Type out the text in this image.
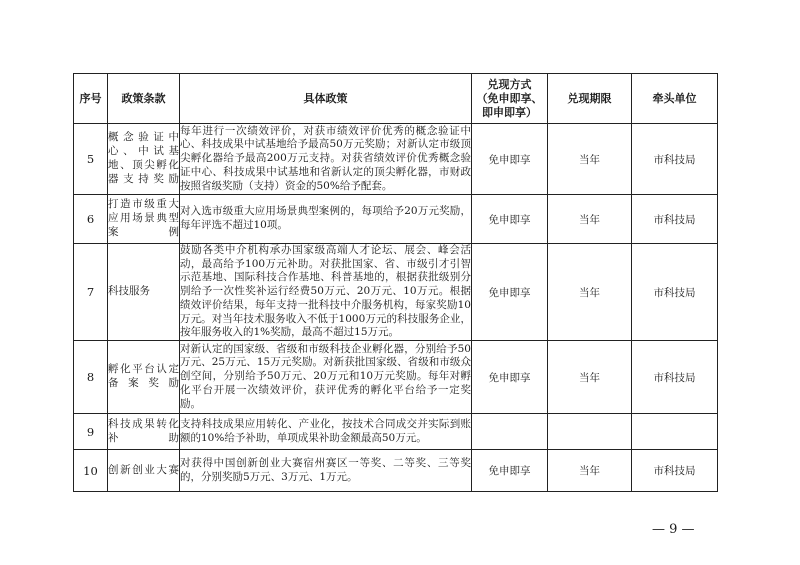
序号	政策条款	具体政策	兑现方式
（免申即享、
即申即享）	兑现期限	牵头单位
5	概念验证中心、中试基地、顶尖孵化器支持奖励	每年进行一次绩效评价，对获市绩效评价优秀的概念验证中心、科技成果中试基地给予最高50万元奖励；对新认定市级顶尖孵化器给予最高200万元支持。对获省绩效评价优秀概念验证中心、科技成果中试基地和省新认定的顶尖孵化器，市财政按照省级奖励（支持）资金的50%给予配套。	免申即享	当年	市科技局
6	打造市级重大应用场景典型案例	对入选市级重大应用场景典型案例的，每项给予20万元奖励，每年评选不超过10项。	免申即享	当年	市科技局
7	科技服务	鼓励各类中介机构承办国家级高端人才论坛、展会、峰会活动，最高给予100万元补助。对获批国家、省、市级引才引智示范基地、国际科技合作基地、科普基地的，根据获批级别分别给予一次性奖补运行经费50万元、20万元、10万元。根据绩效评价结果，每年支持一批科技中介服务机构，每家奖励10万元。对当年技术服务收入不低于1000万元的科技服务企业，按年服务收入的1%奖励，最高不超过15万元。	免申即享	当年	市科技局
8	孵化平台认定备案奖励	对新认定的国家级、省级和市级科技企业孵化器，分别给予50万元、25万元、15万元奖励。对新获批国家级、省级和市级众创空间，分别给予50万元、20万元和10万元奖励。每年对孵化平台开展一次绩效评价，获评优秀的孵化平台给予一定奖励。	免申即享	当年	市科技局
9	科技成果转化补助	支持科技成果应用转化、产业化，按技术合同成交并实际到账额的10%给予补助，单项成果补助金额最高50万元。			
10	创新创业大赛	对获得中国创新创业大赛宿州赛区一等奖、二等奖、三等奖的，分别奖励5万元、3万元、1万元。	免申即享	当年	市科技局
— 9 —
